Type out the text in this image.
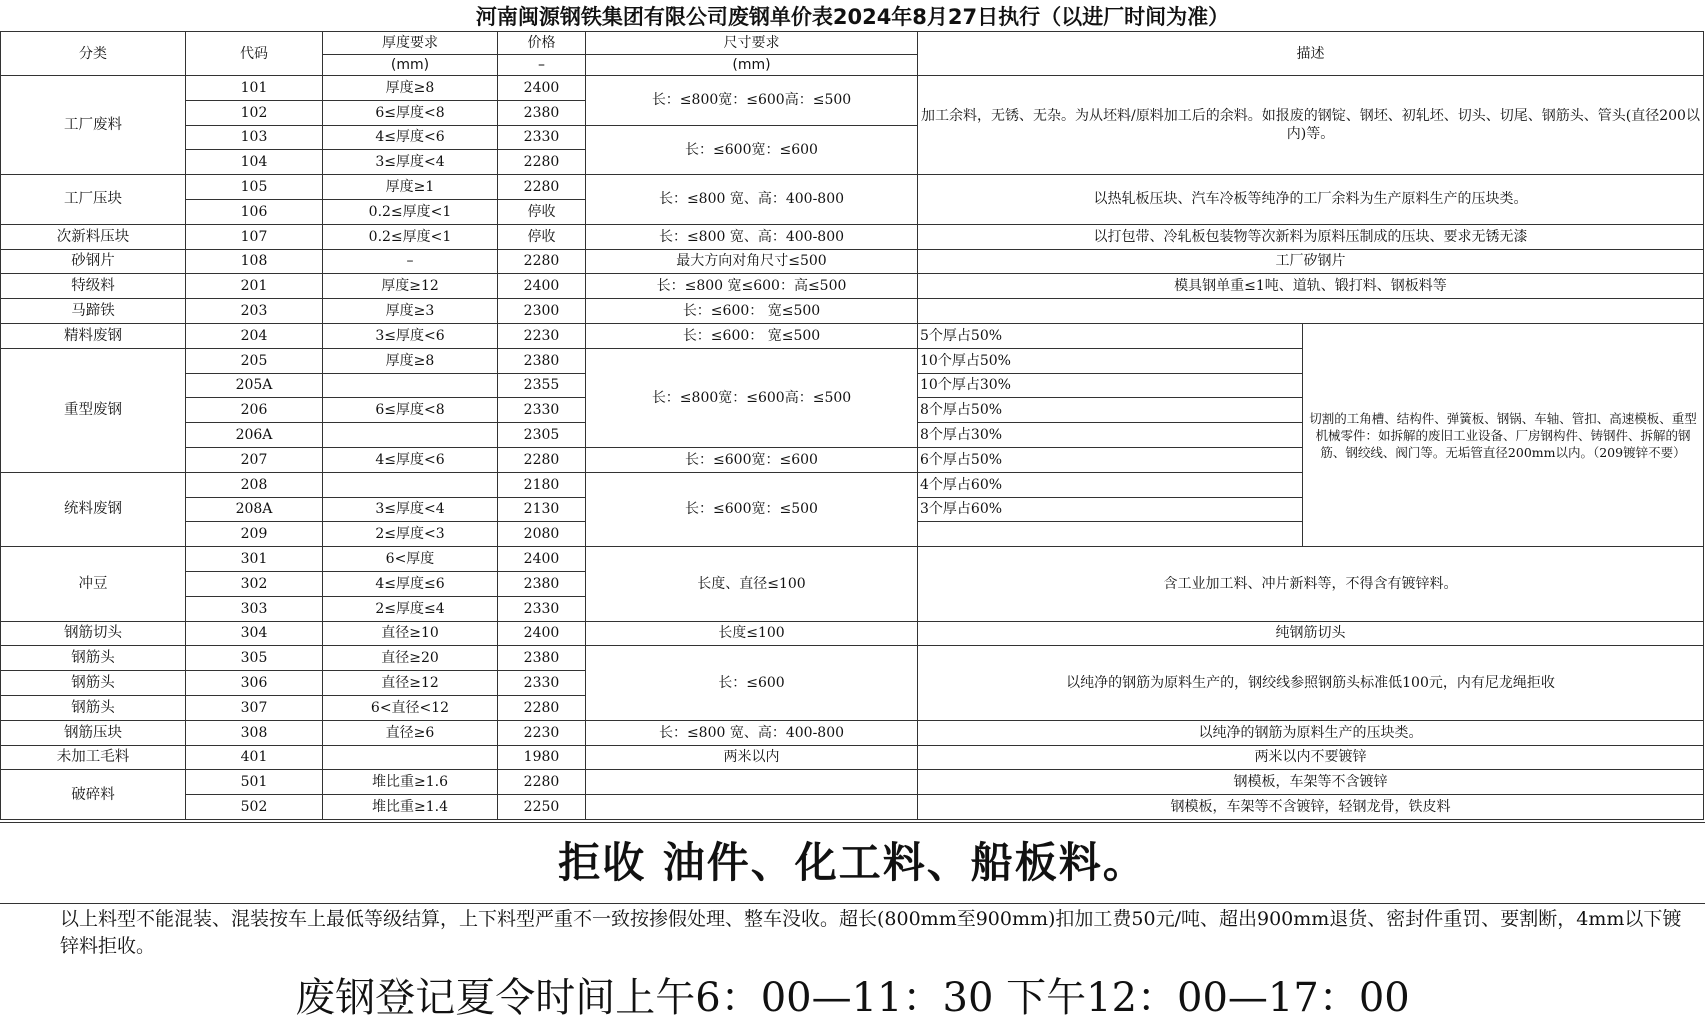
河南闽源钢铁集团有限公司废钢单价表2024年8月27日执行（以进厂时间为准）
分类	代码	厚度要求	价格	尺寸要求	描述	
		(mm)	–	(mm)		
工厂废料	101	厚度≥8	2400	长：≤800宽：≤600高：≤500	加工余料，无锈、无杂。为从坯料/原料加工后的余料。如报废的钢锭、钢坯、初轧坯、切头、切尾、钢筋头、管头(直径200以内)等。	
	102	6≤厚度<8	2380			
	103	4≤厚度<6	2330	长：≤600宽：≤600		
	104	3≤厚度<4	2280			
工厂压块	105	厚度≥1	2280	长：≤800 宽、高：400-800	以热轧板压块、汽车冷板等纯净的工厂余料为生产原料生产的压块类。	
	106	0.2≤厚度<1	停收			
次新料压块	107	0.2≤厚度<1	停收	长：≤800 宽、高：400-800	以打包带、冷轧板包装物等次新料为原料压制成的压块、要求无锈无漆	
砂钢片	108	–	2280	最大方向对角尺寸≤500	工厂矽钢片	
特级料	201	厚度≥12	2400	长：≤800 宽≤600：高≤500	模具钢单重≤1吨、道轨、锻打料、钢板料等	
马蹄铁	203	厚度≥3	2300	长：≤600： 宽≤500		
精料废钢	204	3≤厚度<6	2230	长：≤600： 宽≤500	5个厚占50%	切割的工角槽、结构件、弹簧板、钢锅、车轴、管扣、高速模板、重型机械零件：如拆解的废旧工业设备、厂房钢构件、铸钢件、拆解的钢筋、钢绞线、阀门等。无垢管直径200mm以内。（209镀锌不要）
重型废钢	205	厚度≥8	2380	长：≤800宽：≤600高：≤500	10个厚占50%	
	205A		2355		10个厚占30%	
	206	6≤厚度<8	2330		8个厚占50%	
	206A		2305		8个厚占30%	
	207	4≤厚度<6	2280	长：≤600宽：≤600	6个厚占50%	
统料废钢	208		2180	长：≤600宽：≤500	4个厚占60%	
	208A	3≤厚度<4	2130		3个厚占60%	
	209	2≤厚度<3	2080			
冲豆	301	6<厚度	2400	长度、直径≤100	含工业加工料、冲片新料等，不得含有镀锌料。	
	302	4≤厚度≤6	2380			
	303	2≤厚度≤4	2330			
钢筋切头	304	直径≥10	2400	长度≤100	纯钢筋切头	
钢筋头	305	直径≥20	2380	长：≤600	以纯净的钢筋为原料生产的，钢绞线参照钢筋头标准低100元，内有尼龙绳拒收	
钢筋头	306	直径≥12	2330			
钢筋头	307	6<直径<12	2280			
钢筋压块	308	直径≥6	2230	长：≤800 宽、高：400-800	以纯净的钢筋为原料生产的压块类。	
未加工毛料	401		1980	两米以内	两米以内不要镀锌	
破碎料	501	堆比重≥1.6	2280		钢模板，车架等不含镀锌	
	502	堆比重≥1.4	2250		钢模板，车架等不含镀锌，轻钢龙骨，铁皮料	
拒收 油件、化工料、船板料。
以上料型不能混装、混装按车上最低等级结算，上下料型严重不一致按掺假处理、整车没收。超长(800mm至900mm)扣加工费50元/吨、超出900mm退货、密封件重罚、要割断，4mm以下镀锌料拒收。
废钢登记夏令时间上午6：00—11：30 下午12：00—17：00
